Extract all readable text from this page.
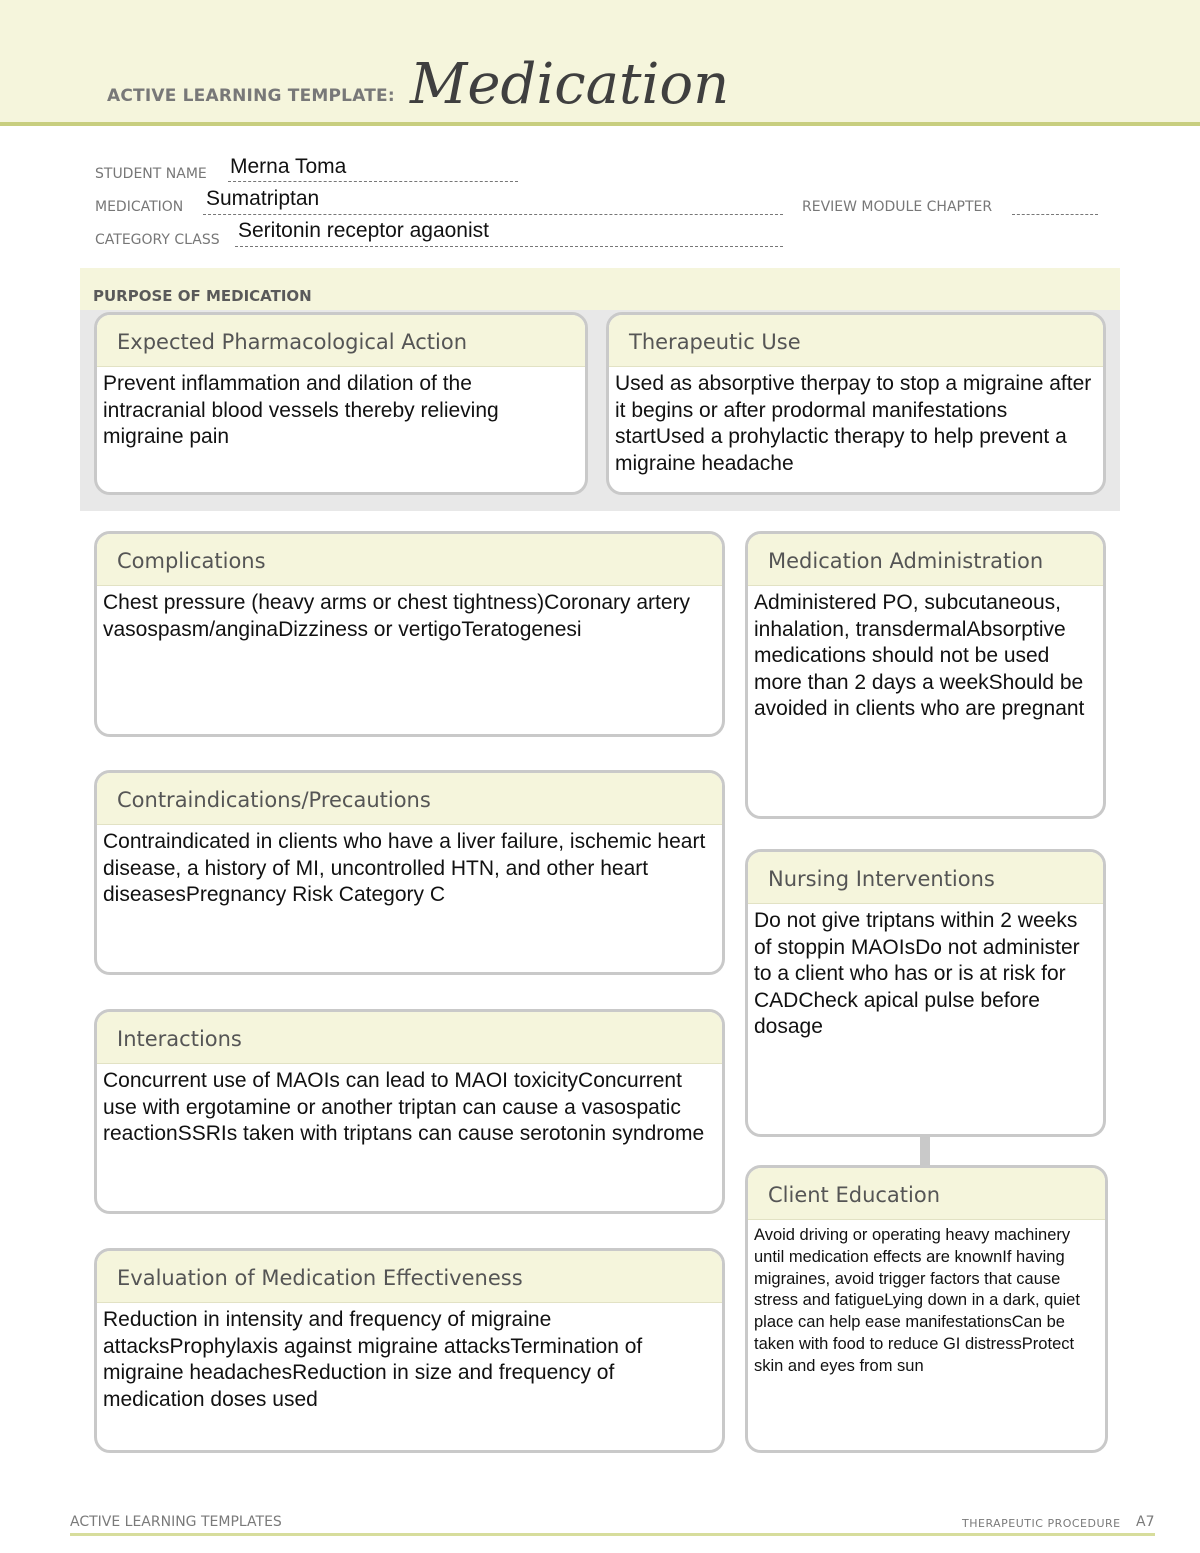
ACTIVE LEARNING TEMPLATE: Medication
STUDENT NAME Merna Toma
MEDICATION Sumatriptan	REVIEW MODULE CHAPTER
CATEGORY CLASS Seritonin receptor agaonist
PURPOSE OF MEDICATION
Expected Pharmacological Action
Prevent inflammation and dilation of the intracranial blood vessels thereby relieving migraine pain
Therapeutic Use
Used as absorptive therpay to stop a migraine after it begins or after prodormal manifestations startUsed a prohylactic therapy to help prevent a migraine headache
Complications
Chest pressure (heavy arms or chest tightness)Coronary artery vasospasm/anginaDizziness or vertigoTeratogenesi
Contraindications/Precautions
Contraindicated in clients who have a liver failure, ischemic heart disease, a history of MI, uncontrolled HTN, and other heart diseasesPregnancy Risk Category C
Interactions
Concurrent use of MAOIs can lead to MAOI toxicityConcurrent use with ergotamine or another triptan can cause a vasospatic reactionSSRIs taken with triptans can cause serotonin syndrome
Evaluation of Medication Effectiveness
Reduction in intensity and frequency of migraine attacksProphylaxis against migraine attacksTermination of migraine headachesReduction in size and frequency of medication doses used
Medication Administration
Administered PO, subcutaneous, inhalation, transdermalAbsorptive medications should not be used more than 2 days a weekShould be avoided in clients who are pregnant
Nursing Interventions
Do not give triptans within 2 weeks of stoppin MAOIsDo not administer to a client who has or is at risk for CADCheck apical pulse before dosage
Client Education
Avoid driving or operating heavy machinery until medication effects are knownIf having migraines, avoid trigger factors that cause stress and fatigueLying down in a dark, quiet place can help ease manifestationsCan be taken with food to reduce GI distressProtect skin and eyes from sun
ACTIVE LEARNING TEMPLATES	THERAPEUTIC PROCEDURE A7
